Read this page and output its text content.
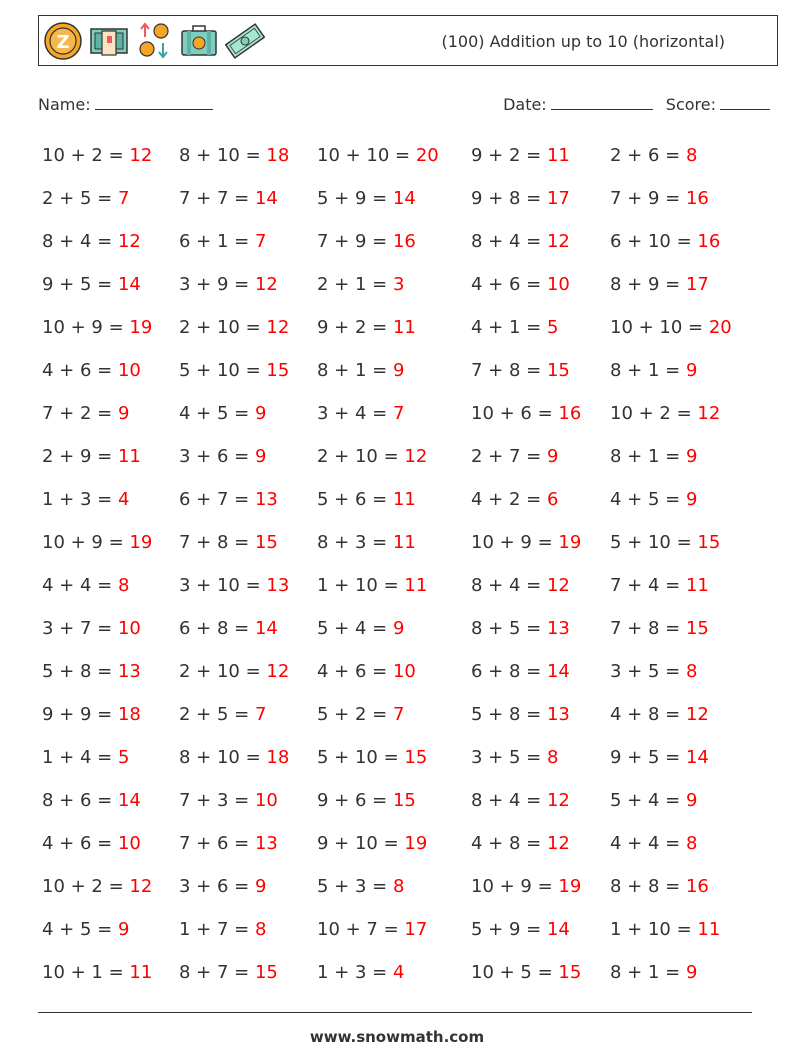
Z	(100) Addition up to 10 (horizontal)
Name:	Date:	Score:
10 + 2 = 12 8 + 10 = 18 10 + 10 = 20 9 + 2 = 11 2 + 6 = 8
2 + 5 = 7	7 + 7 = 14 5 + 9 = 14	9 + 8 = 17 7 + 9 = 16
8 + 4 = 12 6 + 1 = 7	7 + 9 = 16	8 + 4 = 12 6 + 10 = 16
9 + 5 = 14 3 + 9 = 12 2 + 1 = 3	4 + 6 = 10 8 + 9 = 17
10 + 9 = 19 2 + 10 = 12 9 + 2 = 11	4 + 1 = 5	10 + 10 = 20
4 + 6 = 10 5 + 10 = 15 8 + 1 = 9	7 + 8 = 15 8 + 1 = 9
7 + 2 = 9	4 + 5 = 9	3 + 4 = 7	10 + 6 = 16 10 + 2 = 12
2 + 9 = 11 3 + 6 = 9	2 + 10 = 12 2 + 7 = 9	8 + 1 = 9
1 + 3 = 4	6 + 7 = 13 5 + 6 = 11	4 + 2 = 6	4 + 5 = 9
10 + 9 = 19 7 + 8 = 15 8 + 3 = 11	10 + 9 = 19 5 + 10 = 15
4 + 4 = 8	3 + 10 = 13 1 + 10 = 11 8 + 4 = 12 7 + 4 = 11
3 + 7 = 10 6 + 8 = 14 5 + 4 = 9	8 + 5 = 13 7 + 8 = 15
5 + 8 = 13 2 + 10 = 12 4 + 6 = 10	6 + 8 = 14 3 + 5 = 8
9 + 9 = 18 2 + 5 = 7	5 + 2 = 7	5 + 8 = 13 4 + 8 = 12
1 + 4 = 5	8 + 10 = 18 5 + 10 = 15 3 + 5 = 8	9 + 5 = 14
8 + 6 = 14 7 + 3 = 10 9 + 6 = 15	8 + 4 = 12 5 + 4 = 9
4 + 6 = 10 7 + 6 = 13 9 + 10 = 19 4 + 8 = 12 4 + 4 = 8
10 + 2 = 12 3 + 6 = 9	5 + 3 = 8	10 + 9 = 19 8 + 8 = 16
4 + 5 = 9	1 + 7 = 8	10 + 7 = 17 5 + 9 = 14 1 + 10 = 11
10 + 1 = 11 8 + 7 = 15 1 + 3 = 4	10 + 5 = 15 8 + 1 = 9
www.snowmath.com
